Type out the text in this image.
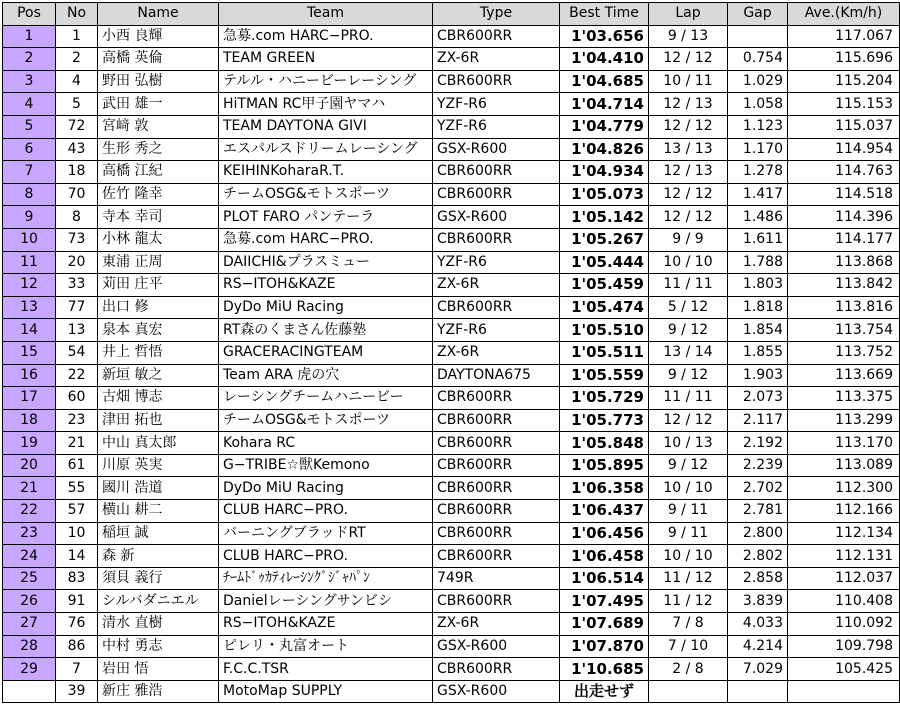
Pos	No	Name	Team	Type	Best Time	Lap	Gap	Ave.(Km/h)
1	1	小西 良輝	急募.com HARC−PRO.	CBR600RR	1'03.656	9 / 13		117.067
2	2	高橋 英倫	TEAM GREEN	ZX-6R	1'04.410	12 / 12	0.754	115.696
3	4	野田 弘樹	テルル・ハニービーレーシング	CBR600RR	1'04.685	10 / 11	1.029	115.204
4	5	武田 雄一	HiTMAN RC甲子園ヤマハ	YZF-R6	1'04.714	12 / 13	1.058	115.153
5	72	宮﨑 敦	TEAM DAYTONA GIVI	YZF-R6	1'04.779	12 / 12	1.123	115.037
6	43	生形 秀之	エスパルスドリームレーシング	GSX-R600	1'04.826	13 / 13	1.170	114.954
7	18	高橋 江紀	KEIHINKoharaR.T.	CBR600RR	1'04.934	12 / 13	1.278	114.763
8	70	佐竹 隆幸	チームOSG&モトスポーツ	CBR600RR	1'05.073	12 / 12	1.417	114.518
9	8	寺本 幸司	PLOT FARO パンテーラ	GSX-R600	1'05.142	12 / 12	1.486	114.396
10	73	小林 龍太	急募.com HARC−PRO.	CBR600RR	1'05.267	9 / 9	1.611	114.177
11	20	東浦 正周	DAIICHI&プラスミュー	YZF-R6	1'05.444	10 / 10	1.788	113.868
12	33	苅田 庄平	RS−ITOH&KAZE	ZX-6R	1'05.459	11 / 11	1.803	113.842
13	77	出口 修	DyDo MiU Racing	CBR600RR	1'05.474	5 / 12	1.818	113.816
14	13	泉本 真宏	RT森のくまさん佐藤塾	YZF-R6	1'05.510	9 / 12	1.854	113.754
15	54	井上 哲悟	GRACERACINGTEAM	ZX-6R	1'05.511	13 / 14	1.855	113.752
16	22	新垣 敏之	Team ARA 虎の穴	DAYTONA675	1'05.559	9 / 12	1.903	113.669
17	60	古畑 博志	レーシングチームハニービー	CBR600RR	1'05.729	11 / 11	2.073	113.375
18	23	津田 拓也	チームOSG&モトスポーツ	CBR600RR	1'05.773	12 / 12	2.117	113.299
19	21	中山 真太郎	Kohara RC	CBR600RR	1'05.848	10 / 13	2.192	113.170
20	61	川原 英実	G−TRIBE☆獣Kemono	CBR600RR	1'05.895	9 / 12	2.239	113.089
21	55	國川 浩道	DyDo MiU Racing	CBR600RR	1'06.358	10 / 10	2.702	112.300
22	57	横山 耕二	CLUB HARC−PRO.	CBR600RR	1'06.437	9 / 11	2.781	112.166
23	10	稲垣 誠	バーニングブラッドRT	CBR600RR	1'06.456	9 / 11	2.800	112.134
24	14	森 新	CLUB HARC−PRO.	CBR600RR	1'06.458	10 / 10	2.802	112.131
25	83	須貝 義行	ﾁｰﾑﾄﾞｩｶﾃｨﾚｰｼﾝｸﾞｼﾞｬﾊﾟﾝ	749R	1'06.514	11 / 12	2.858	112.037
26	91	シルバダニエル	Danielレーシングサンビシ	CBR600RR	1'07.495	11 / 12	3.839	110.408
27	76	清水 直樹	RS−ITOH&KAZE	ZX-6R	1'07.689	7 / 8	4.033	110.092
28	86	中村 勇志	ピレリ・丸富オート	GSX-R600	1'07.870	7 / 10	4.214	109.798
29	7	岩田 悟	F.C.C.TSR	CBR600RR	1'10.685	2 / 8	7.029	105.425
	39	新庄 雅浩	MotoMap SUPPLY	GSX-R600	出走せず			
